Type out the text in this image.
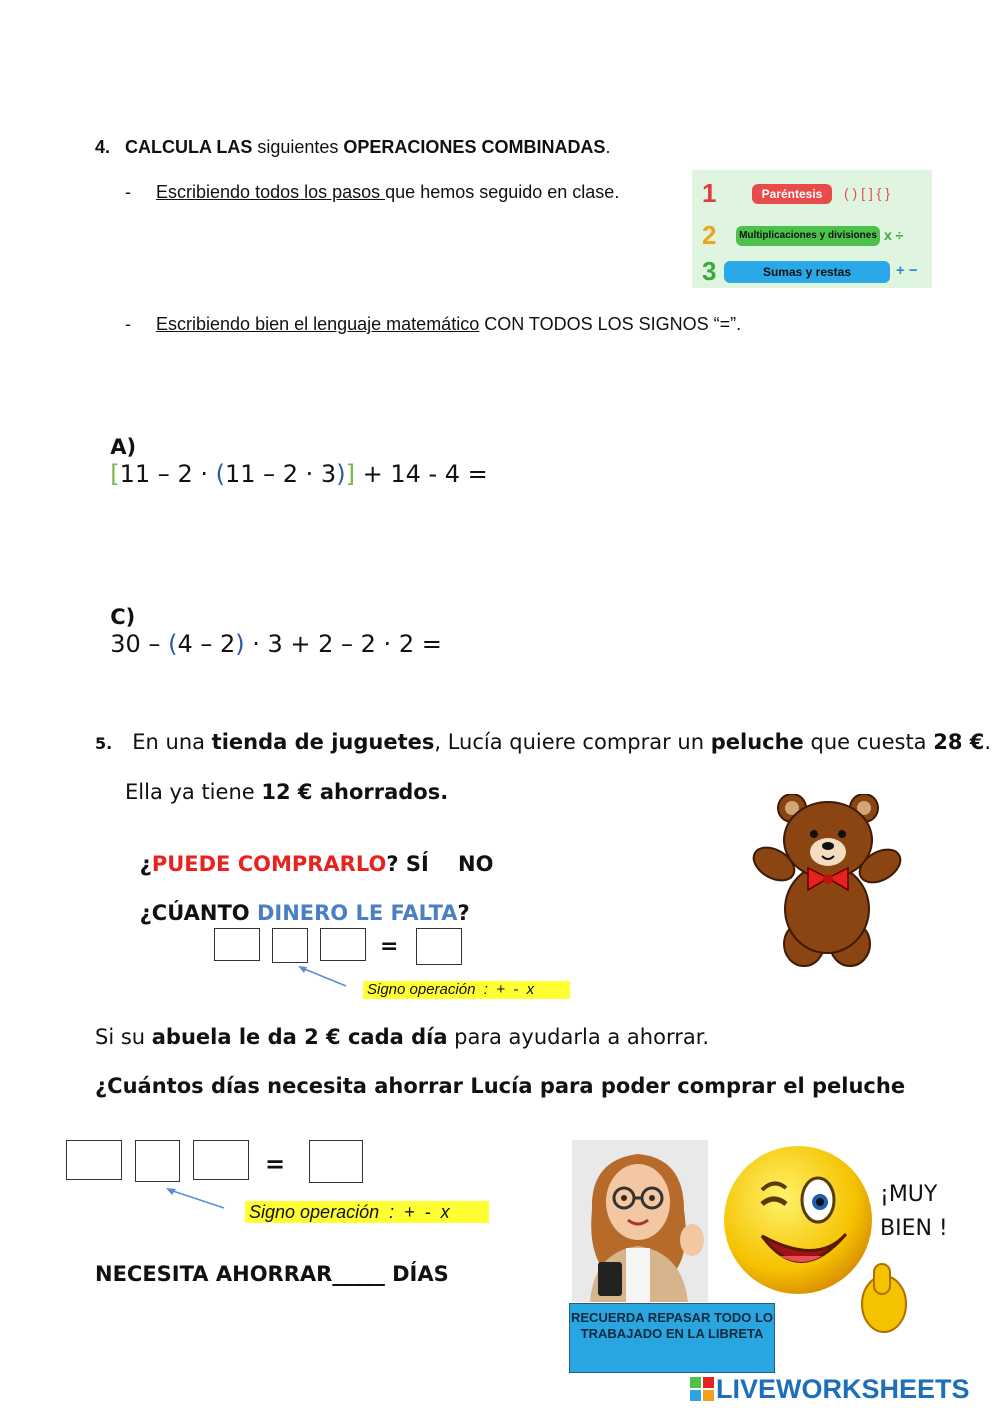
4. CALCULA LAS siguientes OPERACIONES COMBINADAS.
- Escribiendo todos los pasos que hemos seguido en clase.
- Escribiendo bien el lenguaje matemático CON TODOS LOS SIGNOS “=”.
1	Paréntesis	( ) [ ] { }
2	Multiplicaciones y divisiones x ÷
3	Sumas y restas	+ −

A)
[11 – 2 · (11 – 2 · 3)] + 14 - 4 =

C)
30 – (4 – 2) · 3 + 2 – 2 · 2 =

5. En una tienda de juguetes, Lucía quiere comprar un peluche que cuesta 28 €.
Ella ya tiene 12 € ahorrados.

¿PUEDE COMPRARLO? SÍ NO

¿CÚANTO DINERO LE FALTA?

=
Signo operación  :  +  -  x
Si su abuela le da 2 € cada día para ayudarla a ahorrar.
¿Cuántos días necesita ahorrar Lucía para poder comprar el peluche
=
Signo operación  :  +  -  x
NECESITA AHORRAR_____ DÍAS
¡MUY
BIEN !
RECUERDA REPASAR TODO LO TRABAJADO EN LA LIBRETA
LIVEWORKSHEETS
